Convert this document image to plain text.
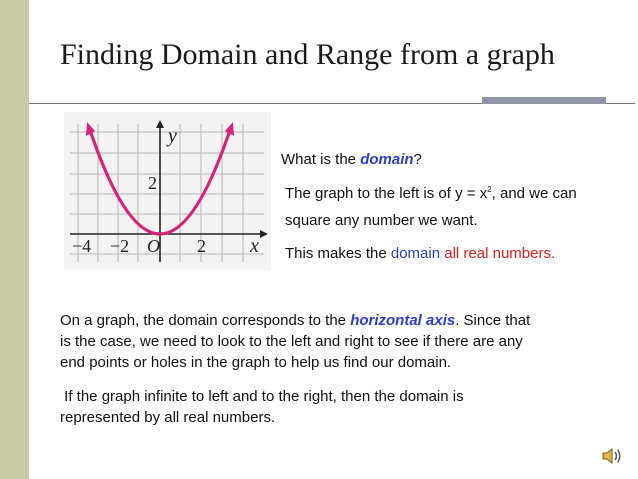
Finding Domain and Range from a graph
y
x
2
−4 −2 O 2
What is the domain?
The graph to the left is of $y = x^2$, and we can
square any number we want.
This makes the domain all real numbers.
On a graph, the domain corresponds to the horizontal axis. Since that
is the case, we need to look to the left and right to see if there are any
end points or holes in the graph to help us find our domain.
If the graph infinite to left and to the right, then the domain is
represented by all real numbers.
